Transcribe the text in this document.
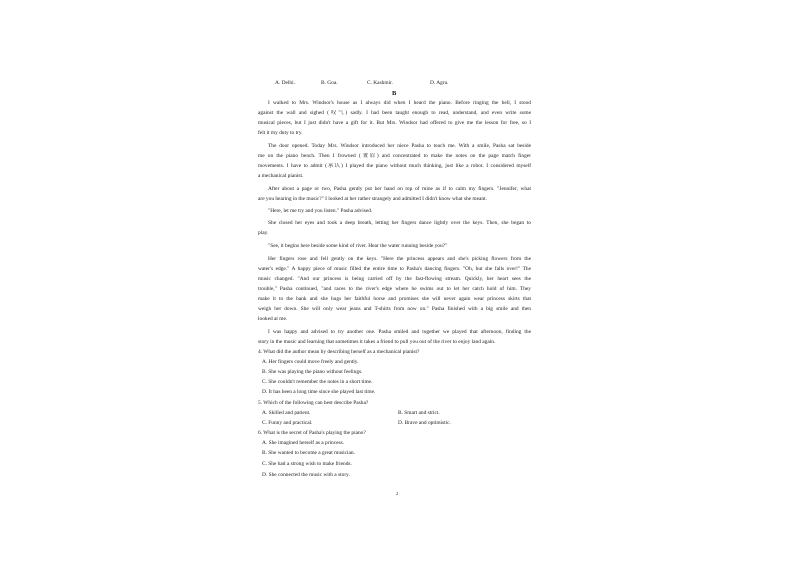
A. Delhi.	B. Goa.	C. Kashmir.	D. Agra.
B
I walked to Mrs. Windsor's house as I always did when I heard the piano. Before ringing the bell, I stood
against the wall and sighed (叹气) sadly. I had been taught enough to read, understand, and even write some
musical pieces, but I just didn't have a gift for it. But Mrs. Windsor had offered to give me the lesson for free, so I
felt it my duty to try.
The door opened. Today Mrs. Windsor introduced her niece Pasha to teach me. With a smile, Pasha sat beside
me on the piano bench. Then I frowned (皱眉) and concentrated to make the notes on the page match finger
movements. I have to admit (承认) I played the piano without much thinking, just like a robot. I considered myself
a mechanical pianist.
After about a page or two, Pasha gently put her hand on top of mine as if to calm my fingers. "Jennifer, what
are you hearing in the music?" I looked at her rather strangely and admitted I didn't know what she meant.
"Here, let me try and you listen." Pasha advised.
She closed her eyes and took a deep breath, letting her fingers dance lightly over the keys. Then, she began to
play.
"See, it begins here beside some kind of river. Hear the water running beside you?"
Her fingers rose and fell gently on the keys. "Here the princess appears and she's picking flowers from the
water's edge." A happy piece of music filled the entire time to Pasha's dancing fingers. "Oh, but she falls over!" The
music changed. "And our princess is being carried off by the fast-flowing stream. Quickly, her heart sees the
trouble," Pasha continued, "and races to the river's edge where he swims out to let her catch hold of him. They
make it to the bank and she hugs her faithful horse and promises she will never again wear princess skirts that
weigh her down. She will only wear jeans and T-shirts from now on." Pasha finished with a big smile and then
looked at me.
I was happy and advised to try another one. Pasha smiled and together we played that afternoon, finding the
story in the music and learning that sometimes it takes a friend to pull you out of the river to enjoy land again.
4. What did the author mean by describing herself as a mechanical pianist?
A. Her fingers could move freely and gently.
B. She was playing the piano without feelings.
C. She couldn't remember the notes in a short time.
D. It has been a long time since she played last time.
5. Which of the following can best describe Pasha?
A. Skilled and patient.	B. Smart and strict.
C. Funny and practical.	D. Brave and optimistic.
6. What is the secret of Pasha's playing the piano?
A. She imagined herself as a princess.
B. She wanted to become a great musician.
C. She had a strong wish to make friends.
D. She connected the music with a story.
2
